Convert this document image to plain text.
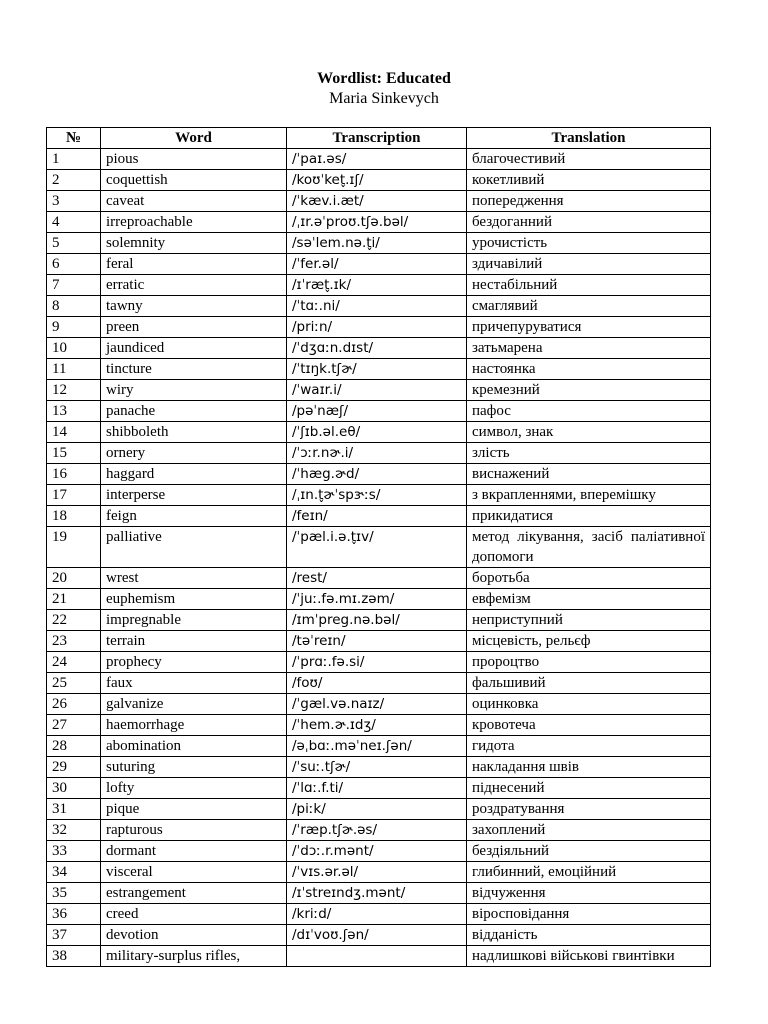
Wordlist: Educated
Maria Sinkevych
№	Word	Transcription	Translation
1	pious	/ˈpaɪ.əs/	благочестивий
2	coquettish	/koʊˈket̬.ɪʃ/	кокетливий
3	caveat	/ˈkæv.i.æt/	попередження
4	irreproachable	/ˌɪr.əˈproʊ.tʃə.bəl/	бездоганний
5	solemnity	/səˈlem.nə.t̬i/	урочистість
6	feral	/ˈfer.əl/	здичавілий
7	erratic	/ɪˈræt̬.ɪk/	нестабільний
8	tawny	/ˈtɑː.ni/	смаглявий
9	preen	/priːn/	причепуруватися
10	jaundiced	/ˈdʒɑːn.dɪst/	затьмарена
11	tincture	/ˈtɪŋk.tʃɚ/	настоянка
12	wiry	/ˈwaɪr.i/	кремезний
13	panache	/pəˈnæʃ/	пафос
14	shibboleth	/ˈʃɪb.əl.eθ/	символ, знак
15	ornery	/ˈɔːr.nɚ.i/	злість
16	haggard	/ˈhæg.ɚd/	виснажений
17	interperse	/ˌɪn.t̬ɚˈspɝːs/	з вкрапленнями, впеpемішку
18	feign	/feɪn/	прикидатися
19	palliative	/ˈpæl.i.ə.t̬ɪv/	метод лікування, засіб паліативної допомоги
20	wrest	/rest/	боротьба
21	euphemism	/ˈjuː.fə.mɪ.zəm/	евфемізм
22	impregnable	/ɪmˈpreg.nə.bəl/	неприступний
23	terrain	/təˈreɪn/	місцевість, рельєф
24	prophecy	/ˈprɑː.fə.si/	пророцтво
25	faux	/foʊ/	фальшивий
26	galvanize	/ˈgæl.və.naɪz/	оцинковка
27	haemorrhage	/ˈhem.ɚ.ɪdʒ/	кровотеча
28	abomination	/əˌbɑː.məˈneɪ.ʃən/	гидота
29	suturing	/ˈsuː.tʃɚ/	накладання швів
30	lofty	/ˈlɑː.f.ti/	піднесений
31	pique	/piːk/	роздратування
32	rapturous	/ˈræp.tʃɚ.əs/	захоплений
33	dormant	/ˈdɔː.r.mənt/	бездіяльний
34	visceral	/ˈvɪs.ər.əl/	глибинний, емоційний
35	estrangement	/ɪˈstreɪndʒ.mənt/	відчуження
36	creed	/kriːd/	віросповідання
37	devotion	/dɪˈvoʊ.ʃən/	відданість
38	military-surplus rifles,		надлишкові військові гвинтівки
